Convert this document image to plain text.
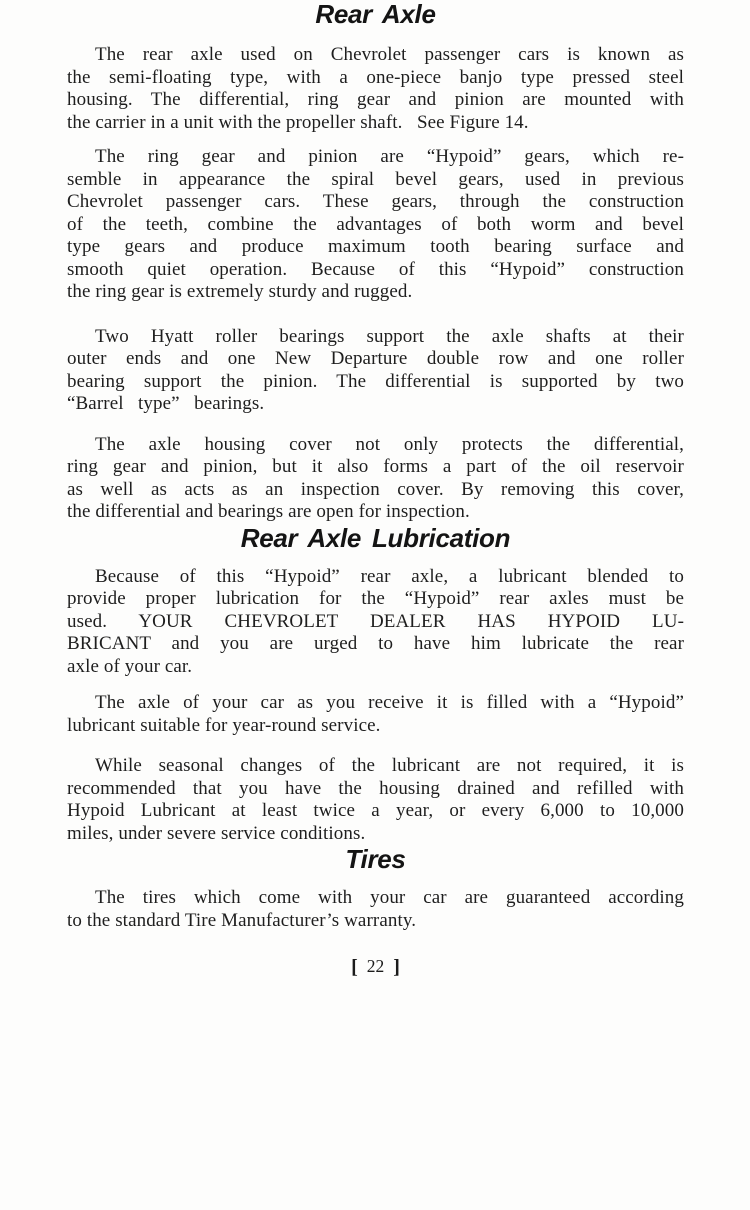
Rear Axle
The rear axle used on Chevrolet passenger cars is known as
the semi-floating type, with a one-piece banjo type pressed steel
housing. The differential, ring gear and pinion are mounted with
the carrier in a unit with the propeller shaft.  See Figure 14.
The ring gear and pinion are “Hypoid” gears, which re-
semble in appearance the spiral bevel gears, used in previous
Chevrolet passenger cars. These gears, through the construction
of the teeth, combine the advantages of both worm and bevel
type gears and produce maximum tooth bearing surface and
smooth quiet operation. Because of this “Hypoid” construction
the ring gear is extremely sturdy and rugged.
Two Hyatt roller bearings support the axle shafts at their
outer ends and one New Departure double row and one roller
bearing support the pinion. The differential is supported by two
“Barrel  type”  bearings.
The axle housing cover not only protects the differential,
ring gear and pinion, but it also forms a part of the oil reservoir
as well as acts as an inspection cover. By removing this cover,
the differential and bearings are open for inspection.
Rear Axle Lubrication
Because of this “Hypoid” rear axle, a lubricant blended to
provide proper lubrication for the “Hypoid” rear axles must be
used. YOUR CHEVROLET DEALER HAS HYPOID LU-
BRICANT and you are urged to have him lubricate the rear
axle of your car.
The axle of your car as you receive it is filled with a “Hypoid”
lubricant suitable for year-round service.
While seasonal changes of the lubricant are not required, it is
recommended that you have the housing drained and refilled with
Hypoid Lubricant at least twice a year, or every 6,000 to 10,000
miles, under severe service conditions.
Tires
The tires which come with your car are guaranteed according
to the standard Tire Manufacturer’s warranty.
[ 22 ]
